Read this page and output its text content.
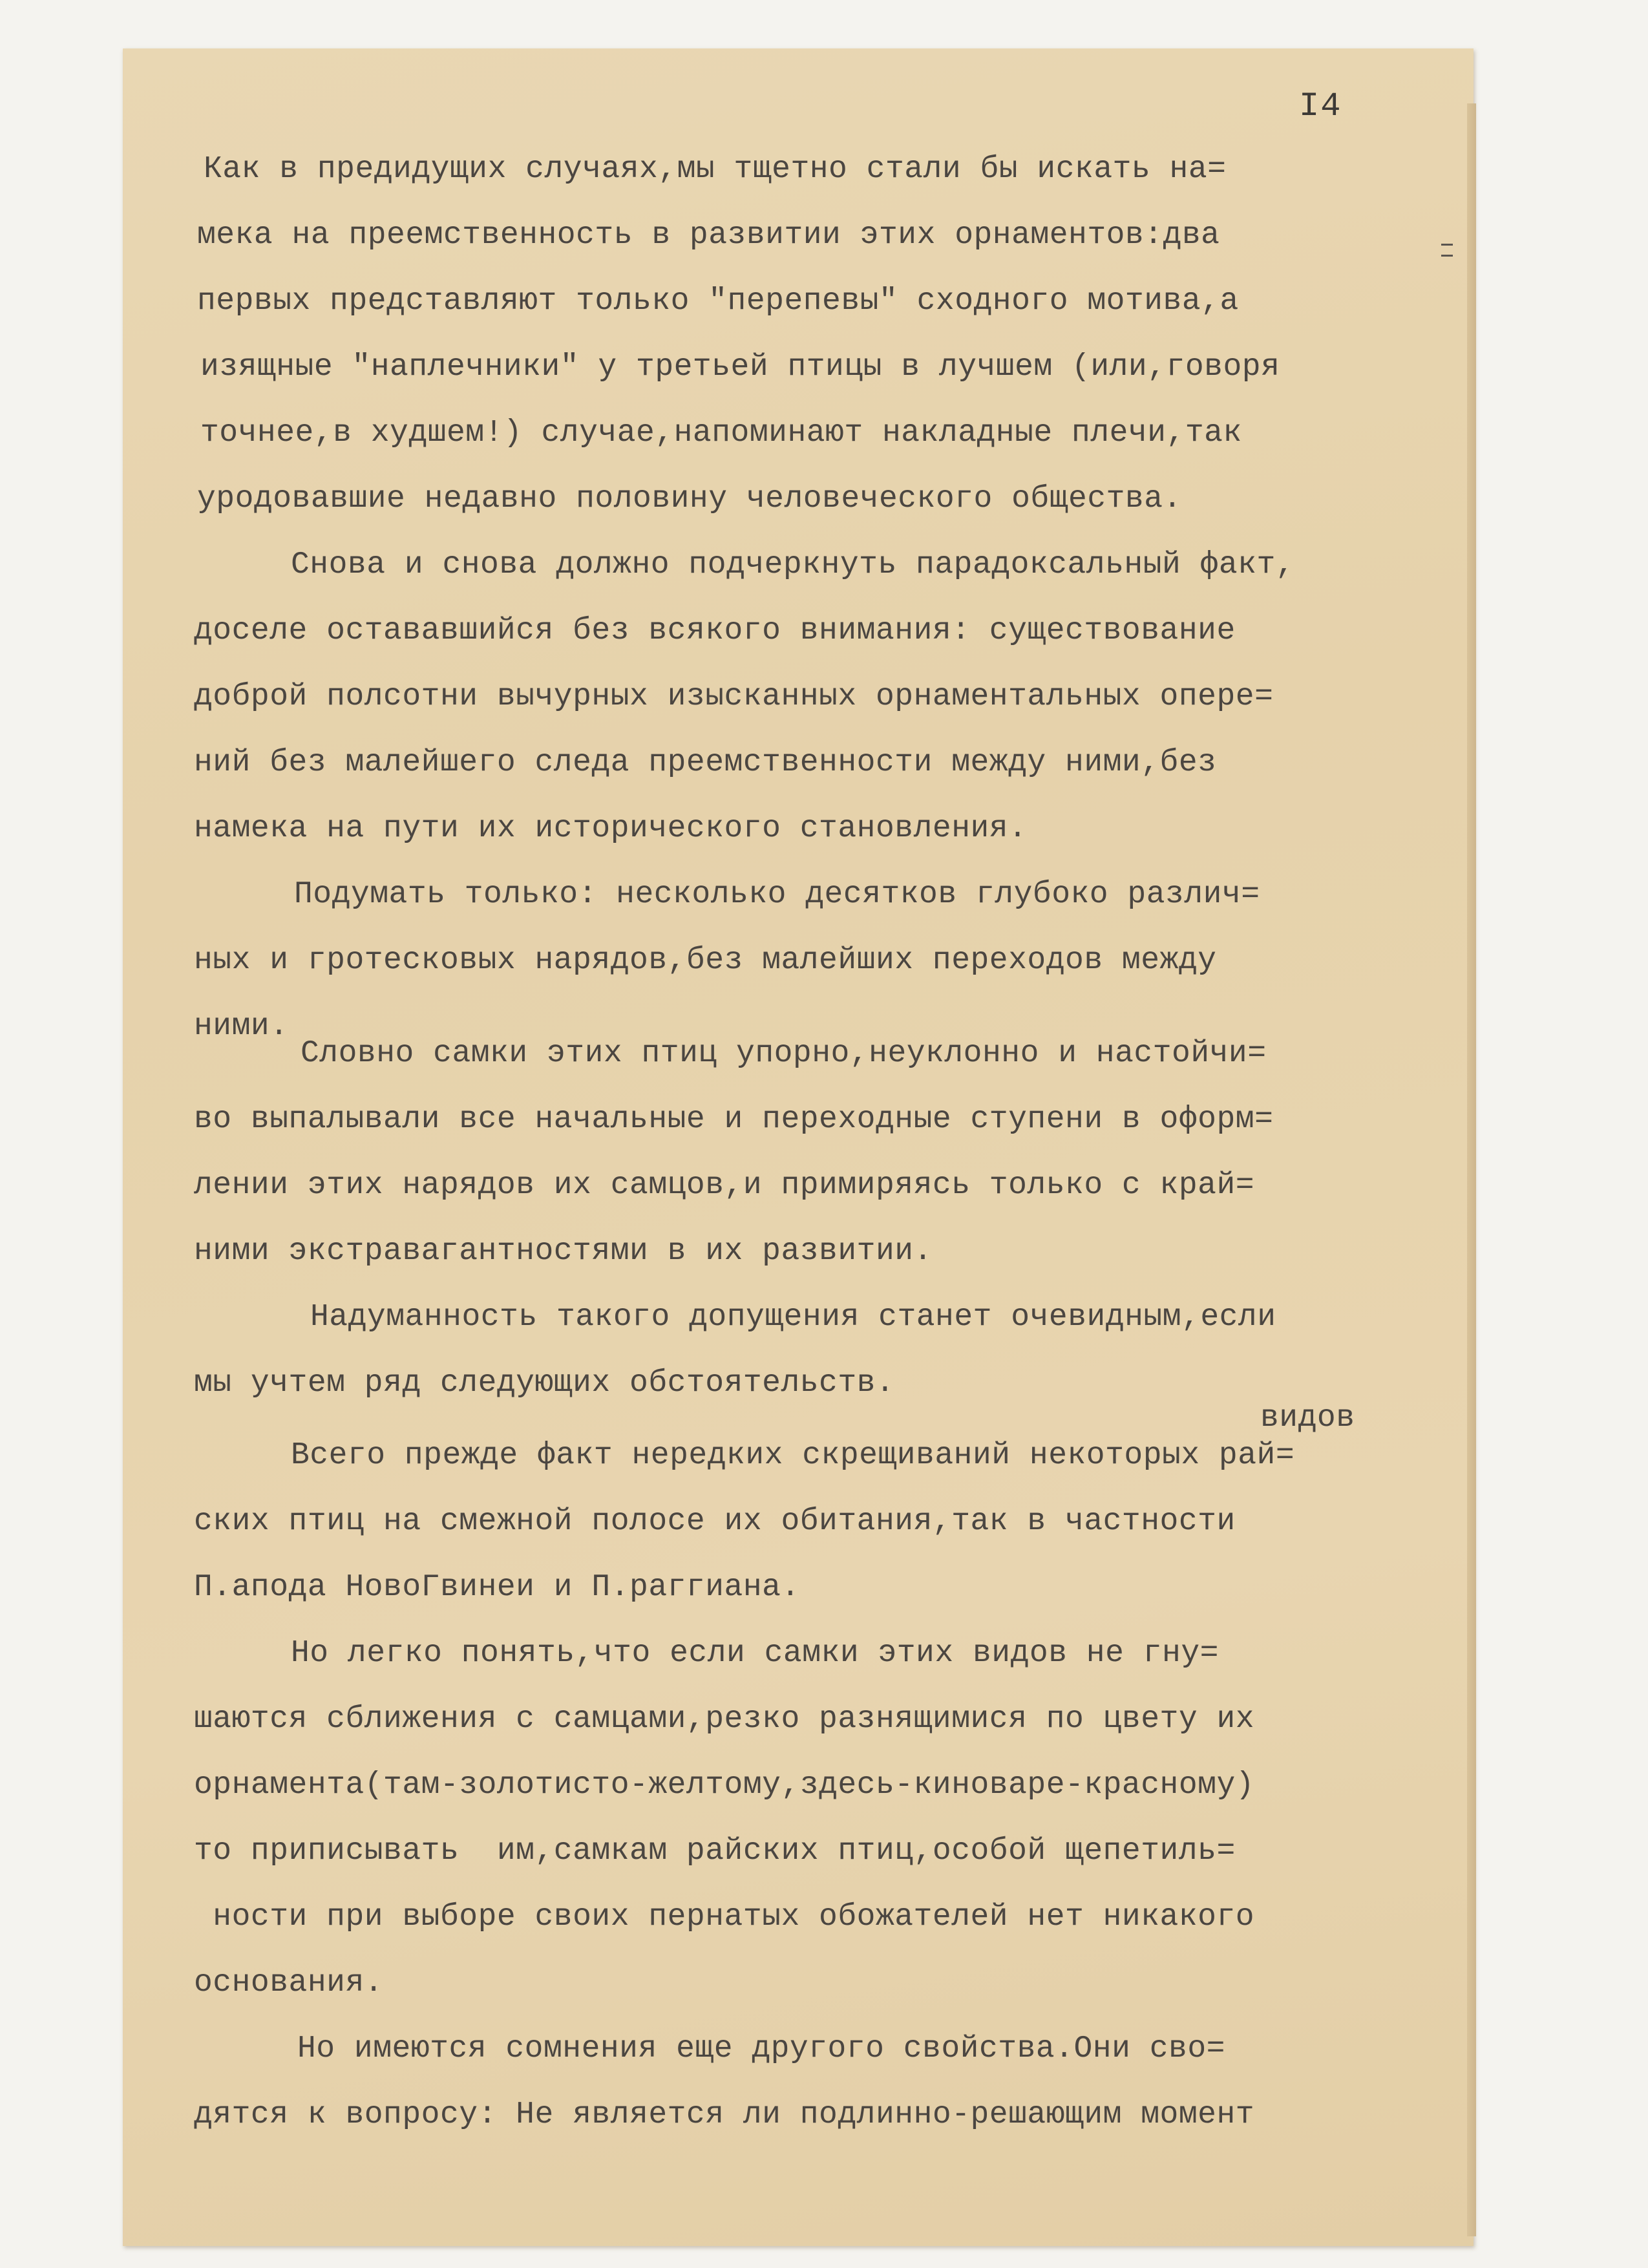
I4
Как в предидущих случаях,мы тщетно стали бы искать на=
мека на преемственность в развитии этих орнаментов:два
первых представляют только "перепевы" сходного мотива,а
изящные "наплечники" у третьей птицы в лучшем (или,говоря
точнее,в худшем!) случае,напоминают накладные плечи,так
уродовавшие недавно половину человеческого общества.
Снова и снова должно подчеркнуть парадоксальный факт,
доселе остававшийся без всякого внимания: существование
доброй полсотни вычурных изысканных орнаментальных опере=
ний без малейшего следа преемственности между ними,без
намека на пути их исторического становления.
Подумать только: несколько десятков глубоко различ=
ных и гротесковых нарядов,без малейших переходов между
ними.
Словно самки этих птиц упорно,неуклонно и настойчи=
во выпалывали все начальные и переходные ступени в оформ=
лении этих нарядов их самцов,и примиряясь только с край=
ними экстравагантностями в их развитии.
Надуманность такого допущения станет очевидным,если
мы учтем ряд следующих обстоятельств.
видов
Всего прежде факт нередких скрещиваний некоторых рай=
ских птиц на смежной полосе их обитания,так в частности
П.апода НовоГвинеи и П.раггиана.
Но легко понять,что если самки этих видов не гну=
шаются сближения с самцами,резко разнящимися по цвету их
орнамента(там-золотисто-желтому,здесь-киноваре-красному)
то приписывать  им,самкам райских птиц,особой щепетиль=
ности при выборе своих пернатых обожателей нет никакого
основания.
Но имеются сомнения еще другого свойства.Они сво=
дятся к вопросу: Не является ли подлинно-решающим момент
